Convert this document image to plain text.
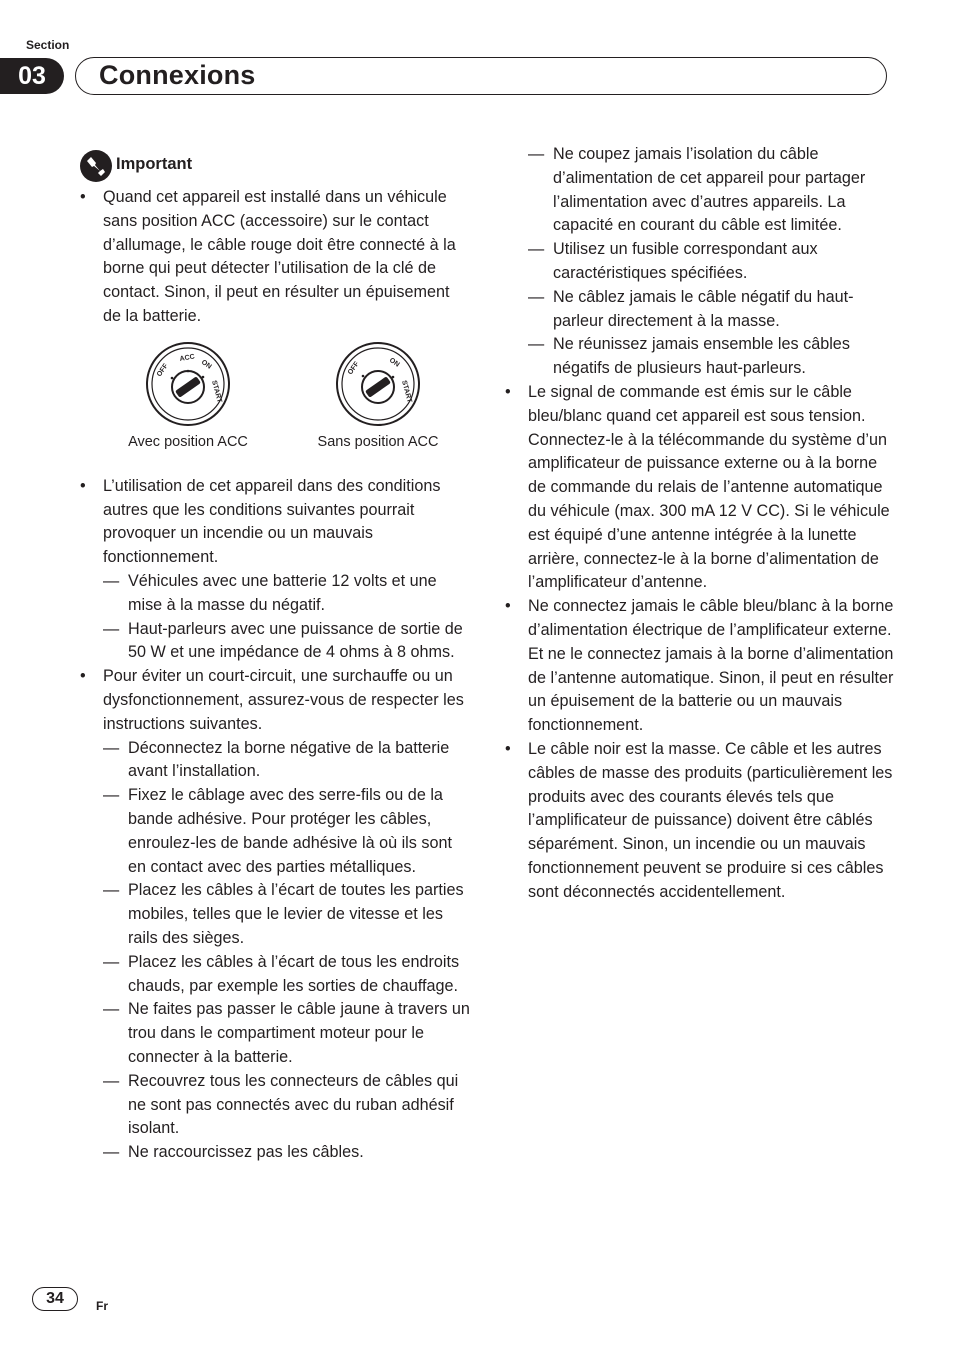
Section
03	Connexions
Important
• Quand cet appareil est installé dans un véhicule sans position ACC (accessoire) sur le contact d’allumage, le câble rouge doit être connecté à la borne qui peut détecter l’utilisation de la clé de contact. Sinon, il peut en résulter un épuisement de la batterie.
OFF
ACC
ON
START
Avec position ACC
OFF	ON
START
Sans position ACC
• L’utilisation de cet appareil dans des conditions autres que les conditions suivantes pourrait provoquer un incendie ou un mauvais fonctionnement.
— Véhicules avec une batterie 12 volts et une mise à la masse du négatif.
— Haut-parleurs avec une puissance de sortie de 50 W et une impédance de 4 ohms à 8 ohms.
• Pour éviter un court-circuit, une surchauffe ou un dysfonctionnement, assurez-vous de respecter les instructions suivantes.
— Déconnectez la borne négative de la batterie avant l’installation.
— Fixez le câblage avec des serre-fils ou de la bande adhésive. Pour protéger les câbles, enroulez-les de bande adhésive là où ils sont en contact avec des parties métalliques.
— Placez les câbles à l’écart de toutes les parties mobiles, telles que le levier de vitesse et les rails des sièges.
— Placez les câbles à l’écart de tous les endroits chauds, par exemple les sorties de chauffage.
— Ne faites pas passer le câble jaune à travers un trou dans le compartiment moteur pour le connecter à la batterie.
— Recouvrez tous les connecteurs de câbles qui ne sont pas connectés avec du ruban adhésif isolant.
— Ne raccourcissez pas les câbles.
— Ne coupez jamais l’isolation du câble d’alimentation de cet appareil pour partager l’alimentation avec d’autres appareils. La capacité en courant du câble est limitée.
— Utilisez un fusible correspondant aux caractéristiques spécifiées.
— Ne câblez jamais le câble négatif du haut-parleur directement à la masse.
— Ne réunissez jamais ensemble les câbles négatifs de plusieurs haut-parleurs.
• Le signal de commande est émis sur le câble bleu/blanc quand cet appareil est sous tension. Connectez-le à la télécommande du système d’un amplificateur de puissance externe ou à la borne de commande du relais de l’antenne automatique du véhicule (max. 300 mA 12 V CC). Si le véhicule est équipé d’une antenne intégrée à la lunette arrière, connectez-le à la borne d’alimentation de l’amplificateur d’antenne.
• Ne connectez jamais le câble bleu/blanc à la borne d’alimentation électrique de l’amplificateur externe. Et ne le connectez jamais à la borne d’alimentation de l’antenne automatique. Sinon, il peut en résulter un épuisement de la batterie ou un mauvais fonctionnement.
• Le câble noir est la masse. Ce câble et les autres câbles de masse des produits (particulièrement les produits avec des courants élevés tels que l’amplificateur de puissance) doivent être câblés séparément. Sinon, un incendie ou un mauvais fonctionnement peuvent se produire si ces câbles sont déconnectés accidentellement.
34	Fr
